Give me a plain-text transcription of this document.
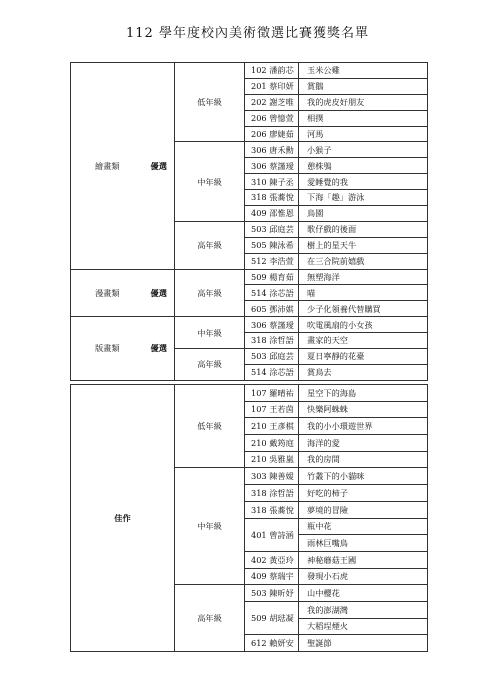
112 學年度校內美術徵選比賽獲獎名單
繪畫類	優選	低年級	102 潘韵芯	玉米公雞
			201 蔡印妍	賞鵝
			202 謝芝唯	我的虎皮好朋友
			206 曾憶萱	相撲
			206 廖婕茹	河馬
		中年級	306 唐禾勳	小猴子
			306 蔡謹璦	憩株鴞
			310 陳子丞	愛睡覺的我
			318 張蕎悅	下海「趣」游泳
			409 邵惟恩	鳥園
		高年級	503 邱庭芸	歌仔戲的後面
			505 陳泳希	樹上的星天牛
			512 李浩萱	在三合院前嬉戲
漫畫類	優選	高年級	509 楊育茹	無塑海洋
			514 涂芯語	喵
			605 鄧沛娸	少子化領養代替購買
版畫類	優選	中年級	306 蔡謹璦	吹電風扇的小女孩
			318 涂哲語	畫家的天空
		高年級	503 邱庭芸	夏日寧靜的花臺
			514 涂芯語	賞鳥去
佳作	低年級	107 羅晴祐	星空下的海島
		107 王若茵	快樂阿蛛蛛
		210 王彥棋	我的小小環遊世界
		210 戴筠庭	海洋的愛
		210 吳雅嵐	我的房間
	中年級	303 陳善嫒	竹叢下的小貓咪
		318 涂哲語	好吃的柿子
		318 張蕎悅	夢境的冒險
		401 曾詩涵	瓶中花
			雨林巨嘴鳥
		402 黃亞玲	神秘蘑菇王國
		409 蔡瑞宇	發現小石虎
	高年級	503 陳昕妤	山中櫻花
		509 胡琺凝	我的澎湖灣
			大稻埕煙火
		612 賴妍安	聖誕節
